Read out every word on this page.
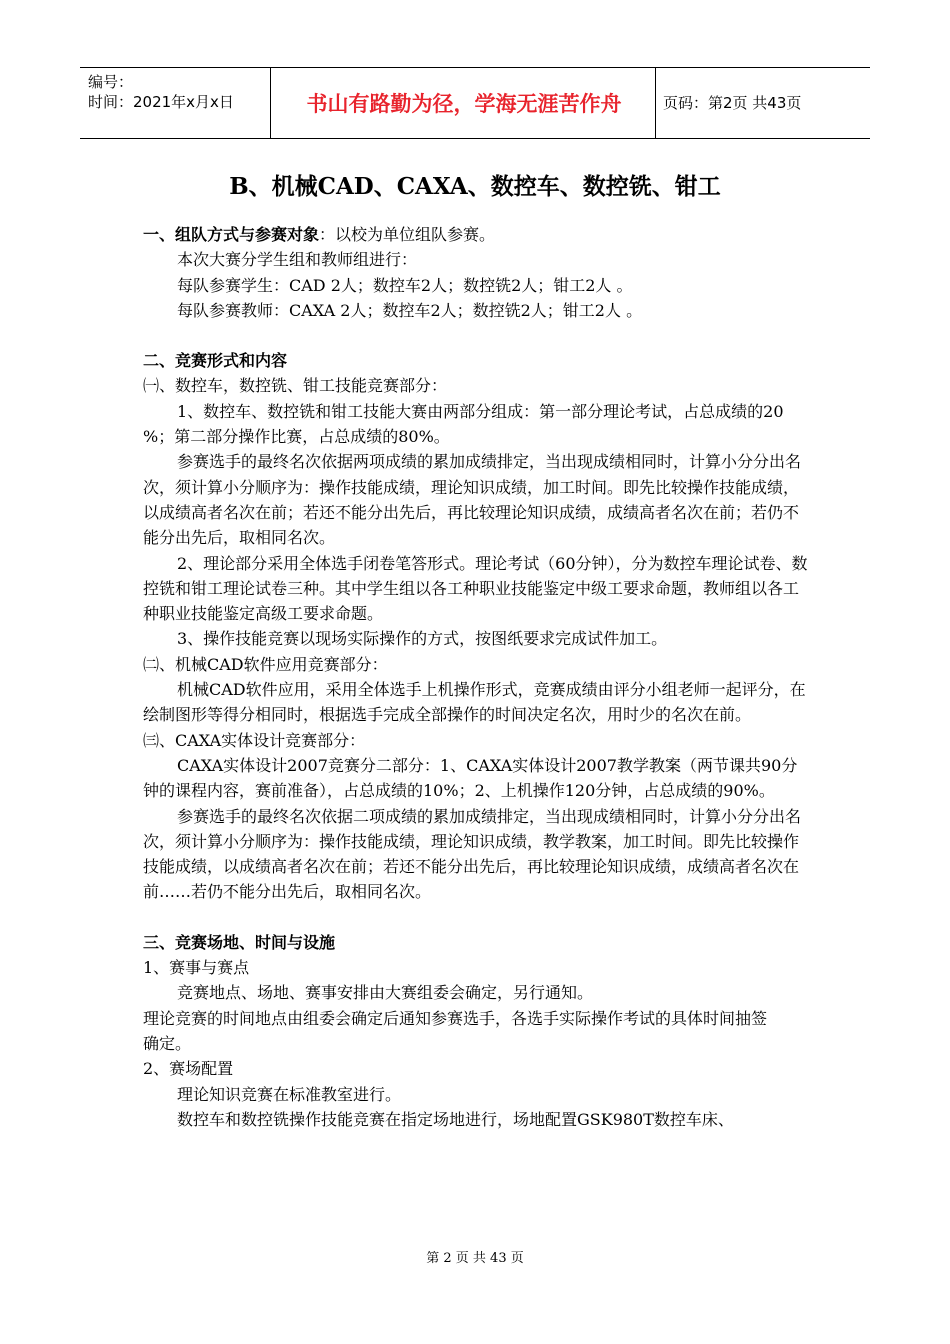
编号：
时间：2021年x月x日	书山有路勤为径，学海无涯苦作舟	页码：第2页 共43页
B、机械CAD、CAXA、数控车、数控铣、钳工

一、组队方式与参赛对象：以校为单位组队参赛。

本次大赛分学生组和教师组进行：

每队参赛学生：CAD 2人；数控车2人；数控铣2人；钳工2人 。

每队参赛教师：CAXA 2人；数控车2人；数控铣2人；钳工2人 。

二、竞赛形式和内容

㈠、数控车，数控铣、钳工技能竞赛部分：

1、数控车、数控铣和钳工技能大赛由两部分组成：第一部分理论考试，占总成绩的20 %；第二部分操作比赛，占总成绩的80%。

参赛选手的最终名次依据两项成绩的累加成绩排定，当出现成绩相同时，计算小分分出名次，须计算小分顺序为：操作技能成绩，理论知识成绩，加工时间。即先比较操作技能成绩，以成绩高者名次在前；若还不能分出先后，再比较理论知识成绩，成绩高者名次在前；若仍不能分出先后，取相同名次。

2、理论部分采用全体选手闭卷笔答形式。理论考试（60分钟），分为数控车理论试卷、数控铣和钳工理论试卷三种。其中学生组以各工种职业技能鉴定中级工要求命题，教师组以各工种职业技能鉴定高级工要求命题。

3、操作技能竞赛以现场实际操作的方式，按图纸要求完成试件加工。

㈡、机械CAD软件应用竞赛部分：

机械CAD软件应用，采用全体选手上机操作形式，竞赛成绩由评分小组老师一起评分，在绘制图形等得分相同时，根据选手完成全部操作的时间决定名次，用时少的名次在前。

㈢、CAXA实体设计竞赛部分：

CAXA实体设计2007竞赛分二部分：1、CAXA实体设计2007教学教案（两节课共90分钟的课程内容，赛前准备），占总成绩的10%；2、上机操作120分钟，占总成绩的90%。

参赛选手的最终名次依据二项成绩的累加成绩排定，当出现成绩相同时，计算小分分出名次，须计算小分顺序为：操作技能成绩，理论知识成绩，教学教案，加工时间。即先比较操作技能成绩，以成绩高者名次在前；若还不能分出先后，再比较理论知识成绩，成绩高者名次在前……若仍不能分出先后，取相同名次。

三、竞赛场地、时间与设施

1、赛事与赛点

竞赛地点、场地、赛事安排由大赛组委会确定，另行通知。

理论竞赛的时间地点由组委会确定后通知参赛选手，各选手实际操作考试的具体时间抽签

确定。

2、赛场配置

理论知识竞赛在标准教室进行。

数控车和数控铣操作技能竞赛在指定场地进行，场地配置GSK980T数控车床、

第 2 页 共 43 页
